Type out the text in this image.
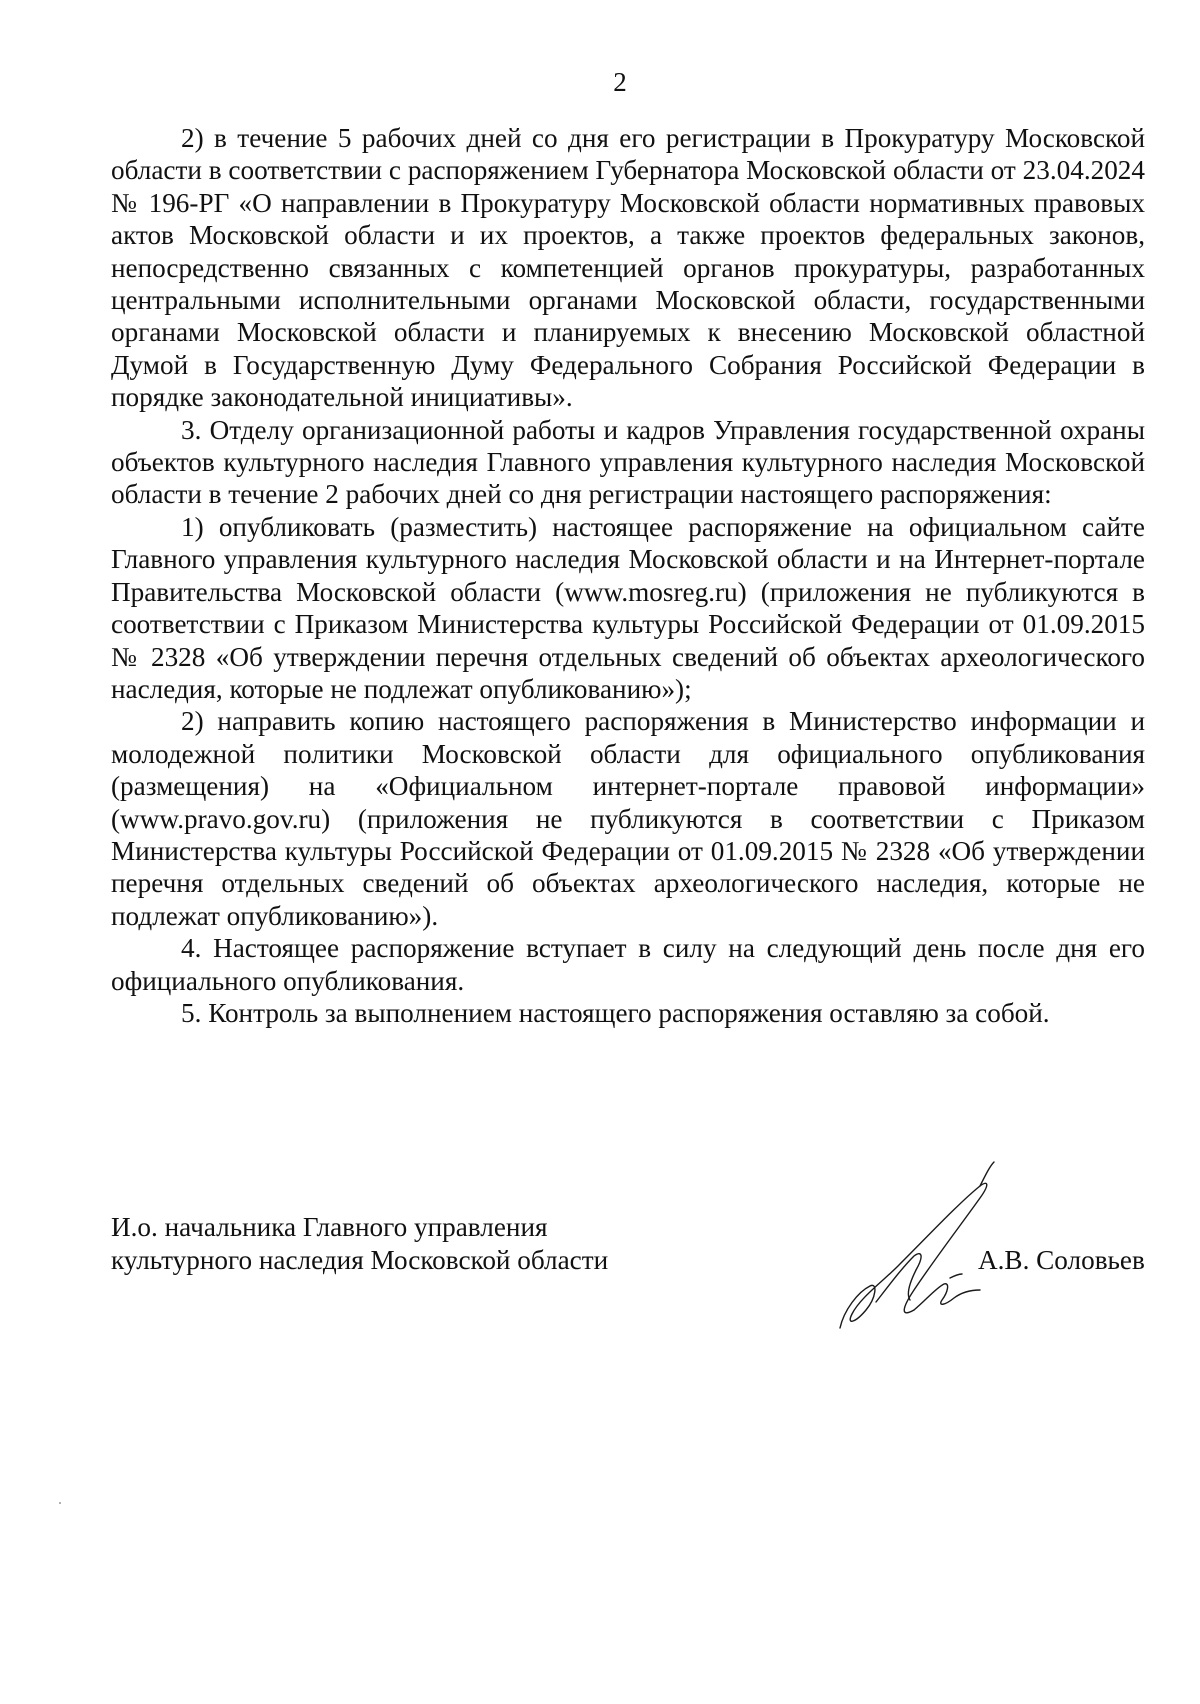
2

2) в течение 5 рабочих дней со дня его регистрации в Прокуратуру Московской области в соответствии с распоряжением Губернатора Московской области от 23.04.2024 № 196-РГ «О направлении в Прокуратуру Московской области нормативных правовых актов Московской области и их проектов, а также проектов федеральных законов, непосредственно связанных с компетенцией органов прокуратуры, разработанных центральными исполнительными органами Московской области, государственными органами Московской области и планируемых к внесению Московской областной Думой в Государственную Думу Федерального Собрания Российской Федерации в порядке законодательной инициативы».

3. Отделу организационной работы и кадров Управления государственной охраны объектов культурного наследия Главного управления культурного наследия Московской области в течение 2 рабочих дней со дня регистрации настоящего распоряжения:

1) опубликовать (разместить) настоящее распоряжение на официальном сайте Главного управления культурного наследия Московской области и на Интернет-портале Правительства Московской области (www.mosreg.ru) (приложения не публикуются в соответствии с Приказом Министерства культуры Российской Федерации от 01.09.2015 № 2328 «Об утверждении перечня отдельных сведений об объектах археологического наследия, которые не подлежат опубликованию»);

2) направить копию настоящего распоряжения в Министерство информации и молодежной политики Московской области для официального опубликования (размещения) на «Официальном интернет-портале правовой информации» (www.pravo.gov.ru) (приложения не публикуются в соответствии с Приказом Министерства культуры Российской Федерации от 01.09.2015 № 2328 «Об утверждении перечня отдельных сведений об объектах археологического наследия, которые не подлежат опубликованию»).

4. Настоящее распоряжение вступает в силу на следующий день после дня его официального опубликования.

5. Контроль за выполнением настоящего распоряжения оставляю за собой.

И.о. начальника Главного управления
культурного наследия Московской области	А.В. Соловьев
